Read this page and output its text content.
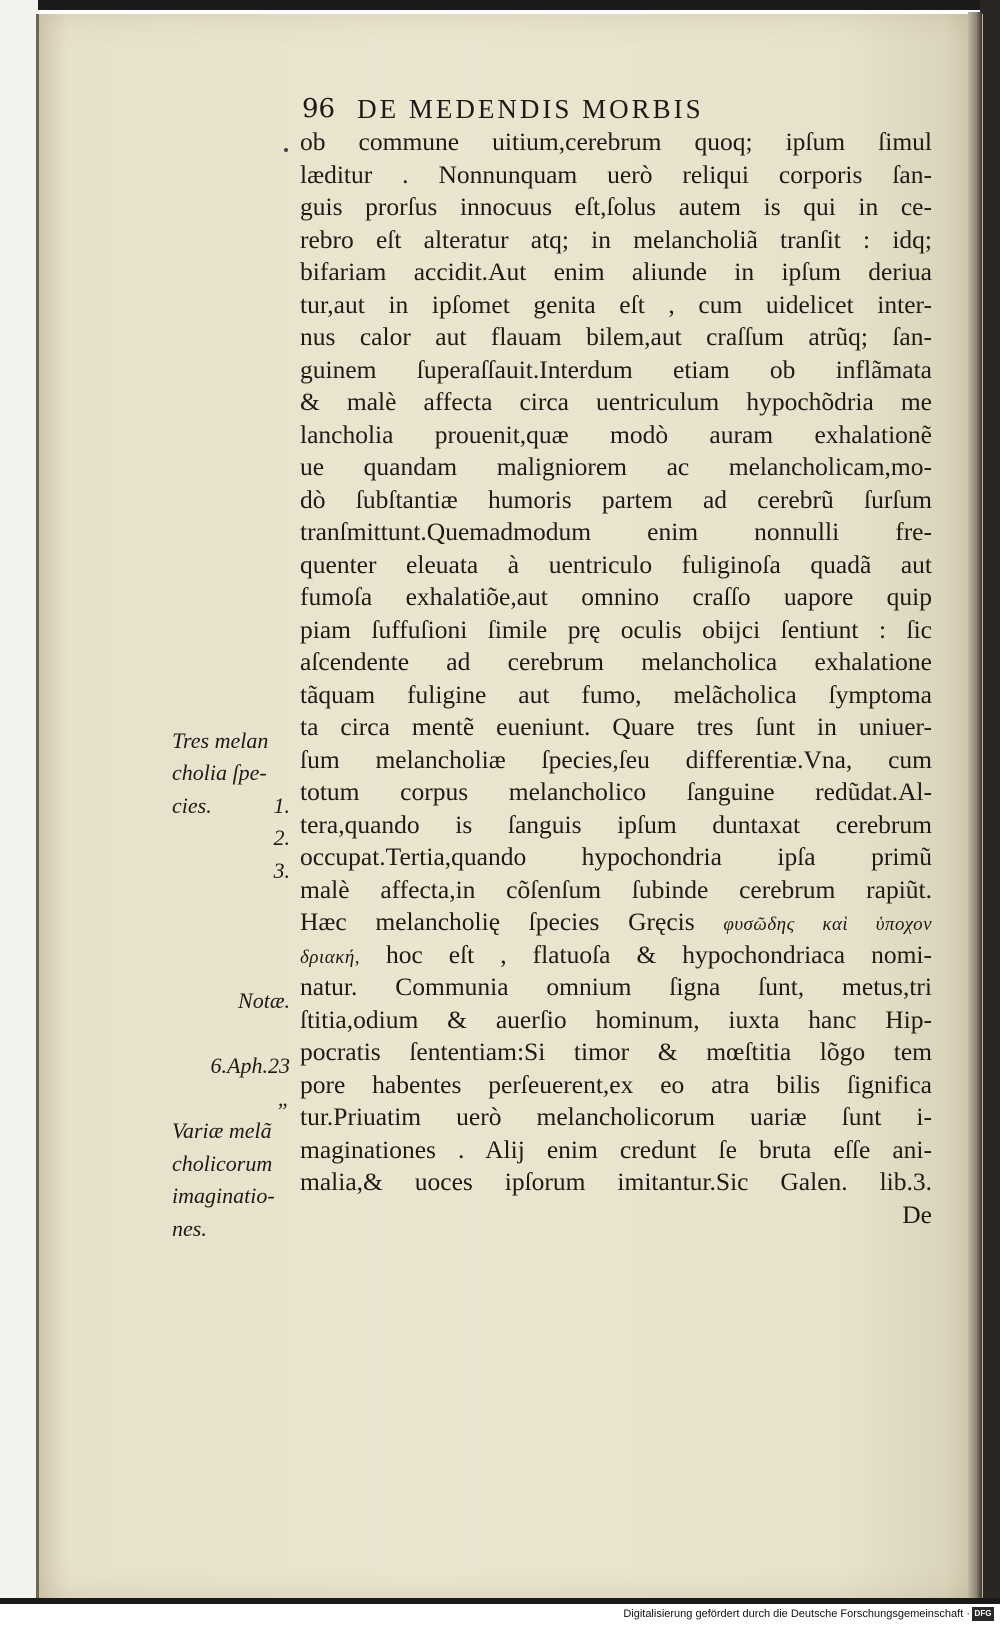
96 DE MEDENDIS MORBIS
ob commune uitium,cerebrum quoq; ipſum ſimul
læditur . Nonnunquam uerò reliqui corporis ſan-
guis prorſus innocuus eſt,ſolus autem is qui in ce-
rebro eſt alteratur atq; in melancholiã tranſit : idq;
bifariam accidit.Aut enim aliunde in ipſum deriua
tur,aut in ipſomet genita eſt , cum uidelicet inter-
nus calor aut flauam bilem,aut craſſum atrũq; ſan-
guinem ſuperaſſauit.Interdum etiam ob inflãmata
& malè affecta circa uentriculum hypochõdria me
lancholia prouenit,quæ modò auram exhalationẽ
ue quandam maligniorem ac melancholicam,mo-
dò ſubſtantiæ humoris partem ad cerebrũ ſurſum
tranſmittunt.Quemadmodum enim nonnulli fre-
quenter eleuata à uentriculo fuliginoſa quadã aut
fumoſa exhalatiõe,aut omnino craſſo uapore quip
piam ſuffuſioni ſimile prę oculis obijci ſentiunt : ſic
aſcendente ad cerebrum melancholica exhalatione
tãquam fuligine aut fumo, melãcholica ſymptoma
ta circa mentẽ eueniunt. Quare tres ſunt in uniuer-
ſum melancholiæ ſpecies,ſeu differentiæ.Vna, cum
totum corpus melancholico ſanguine redũdat.Al-
tera,quando is ſanguis ipſum duntaxat cerebrum
occupat.Tertia,quando hypochondria ipſa primũ
malè affecta,in cõſenſum ſubinde cerebrum rapiũt.
Hæc melancholię ſpecies Gręcis φυσῶδης καὶ ὑποχον
δριακή, hoc eſt , flatuoſa & hypochondriaca nomi-
natur. Communia omnium ſigna ſunt, metus,tri
ſtitia,odium & auerſio hominum, iuxta hanc Hip-
pocratis ſententiam:Si timor & mœſtitia lõgo tem
pore habentes perſeuerent,ex eo atra bilis ſignifica
tur.Priuatim uerò melancholicorum uariæ ſunt i-
maginationes . Alij enim credunt ſe bruta eſſe ani-
malia,& uoces ipſorum imitantur.Sic Galen. lib.3.
De
Tres melan
cholia ſpe-
cies.	1.
2.
3.
Notæ.
6.Aph.23
„
Variæ melã
cholicorum
imaginatio-
nes.
Digitalisierung gefördert durch die Deutsche Forschungsgemeinschaft · DFG
